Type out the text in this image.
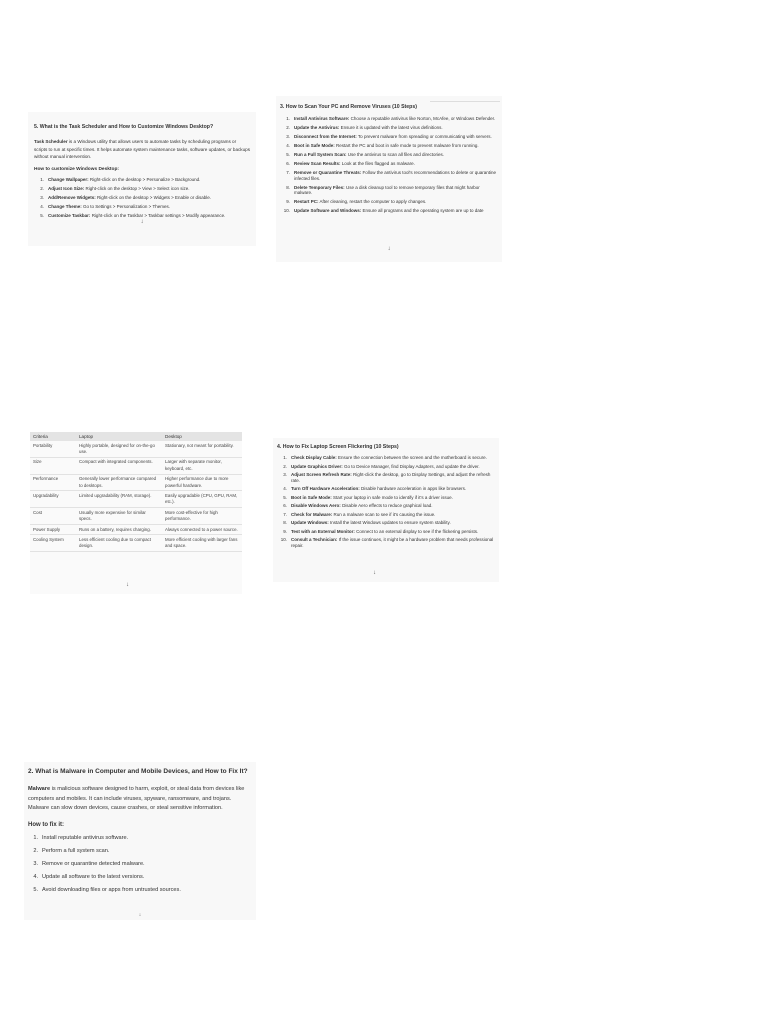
5. What is the Task Scheduler and How to Customize Windows Desktop?
Task Scheduler is a Windows utility that allows users to automate tasks by scheduling programs or scripts to run at specific times. It helps automate system maintenance tasks, software updates, or backups without manual intervention.
How to customize Windows Desktop:
1. Change Wallpaper: Right-click on the desktop > Personalize > Background.
2. Adjust Icon Size: Right-click on the desktop > View > Select icon size.
3. Add/Remove Widgets: Right-click on the desktop > Widgets > Enable or disable.
4. Change Theme: Go to Settings > Personalization > Themes.
5. Customize Taskbar: Right-click on the Taskbar > Taskbar settings > Modify appearance.
↓
3. How to Scan Your PC and Remove Viruses (10 Steps)
1. Install Antivirus Software: Choose a reputable antivirus like Norton, McAfee, or Windows Defender.
2. Update the Antivirus: Ensure it is updated with the latest virus definitions.
3. Disconnect from the Internet: To prevent malware from spreading or communicating with servers.
4. Boot in Safe Mode: Restart the PC and boot in safe mode to prevent malware from running.
5. Run a Full System Scan: Use the antivirus to scan all files and directories.
6. Review Scan Results: Look at the files flagged as malware.
7. Remove or Quarantine Threats: Follow the antivirus tool's recommendations to delete or quarantine infected files.
8. Delete Temporary Files: Use a disk cleanup tool to remove temporary files that might harbor malware.
9. Restart PC: After cleaning, restart the computer to apply changes.
10. Update Software and Windows: Ensure all programs and the operating system are up to date
↓
Criteria	Laptop	Desktop
Portability	Highly portable, designed for on-the-go use.	Stationary, not meant for portability.
Size	Compact with integrated components.	Larger with separate monitor, keyboard, etc.
Performance	Generally lower performance compared to desktops.	Higher performance due to more powerful hardware.
Upgradability	Limited upgradability (RAM, storage).	Easily upgradable (CPU, GPU, RAM, etc.).
Cost	Usually more expensive for similar specs.	More cost-effective for high performance.
Power Supply	Runs on a battery, requires charging.	Always connected to a power source.
Cooling System	Less efficient cooling due to compact design.	More efficient cooling with larger fans and space.
↓
4. How to Fix Laptop Screen Flickering (10 Steps)
1. Check Display Cable: Ensure the connection between the screen and the motherboard is secure.
2. Update Graphics Driver: Go to Device Manager, find Display Adapters, and update the driver.
3. Adjust Screen Refresh Rate: Right-click the desktop, go to Display Settings, and adjust the refresh rate.
4. Turn Off Hardware Acceleration: Disable hardware acceleration in apps like browsers.
5. Boot in Safe Mode: Start your laptop in safe mode to identify if it's a driver issue.
6. Disable Windows Aero: Disable Aero effects to reduce graphical load.
7. Check for Malware: Run a malware scan to see if it's causing the issue.
8. Update Windows: Install the latest Windows updates to ensure system stability.
9. Test with an External Monitor: Connect to an external display to see if the flickering persists.
10. Consult a Technician: If the issue continues, it might be a hardware problem that needs professional repair.
↓
2. What is Malware in Computer and Mobile Devices, and How to Fix It?
Malware is malicious software designed to harm, exploit, or steal data from devices like computers and mobiles. It can include viruses, spyware, ransomware, and trojans. Malware can slow down devices, cause crashes, or steal sensitive information.
How to fix it:
1. Install reputable antivirus software.
2. Perform a full system scan.
3. Remove or quarantine detected malware.
4. Update all software to the latest versions.
5. Avoid downloading files or apps from untrusted sources.
↓
